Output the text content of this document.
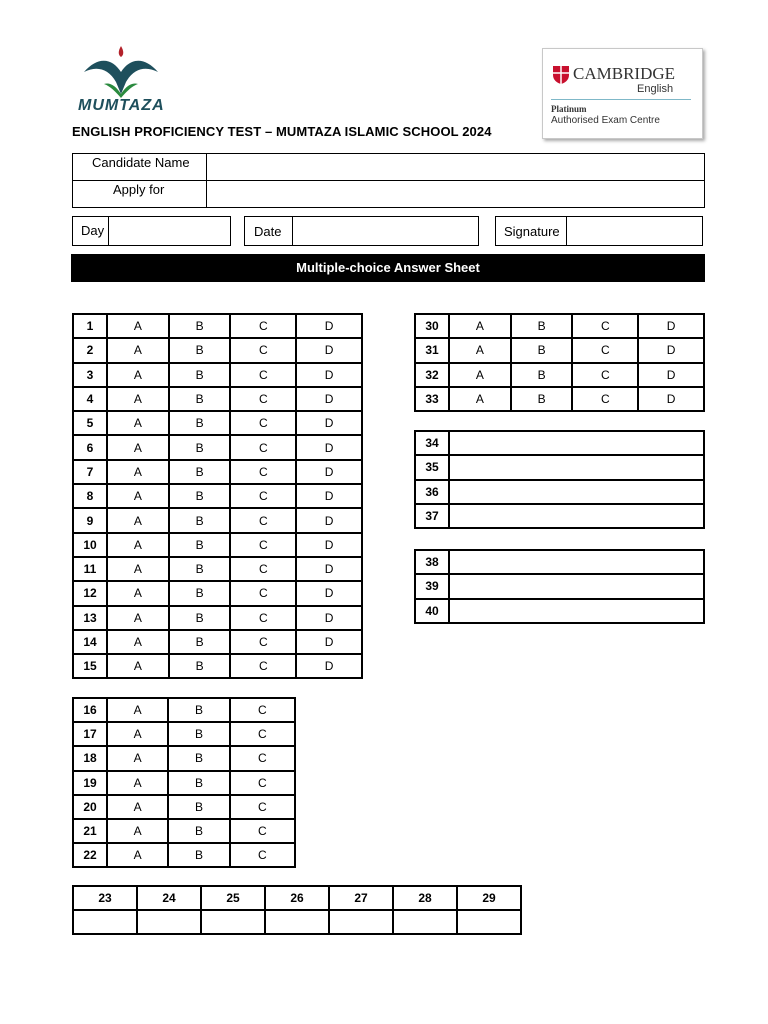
MUMTAZA
CAMBRIDGE
English
Platinum
Authorised Exam Centre
ENGLISH PROFICIENCY TEST – MUMTAZA ISLAMIC SCHOOL 2024
Candidate Name
Apply for
Day	Date	Signature
Multiple-choice Answer Sheet
1	A	B	C	D
2	A	B	C	D
3	A	B	C	D
4	A	B	C	D
5	A	B	C	D
6	A	B	C	D
7	A	B	C	D
8	A	B	C	D
9	A	B	C	D
10	A	B	C	D
11	A	B	C	D
12	A	B	C	D
13	A	B	C	D
14	A	B	C	D
15	A	B	C	D
16	A	B	C
17	A	B	C
18	A	B	C
19	A	B	C
20	A	B	C
21	A	B	C
22	A	B	C
23	24	25	26	27	28	29

30	A	B	C	D
31	A	B	C	D
32	A	B	C	D
33	A	B	C	D
34	
35	
36	
37	
38	
39	
40	
